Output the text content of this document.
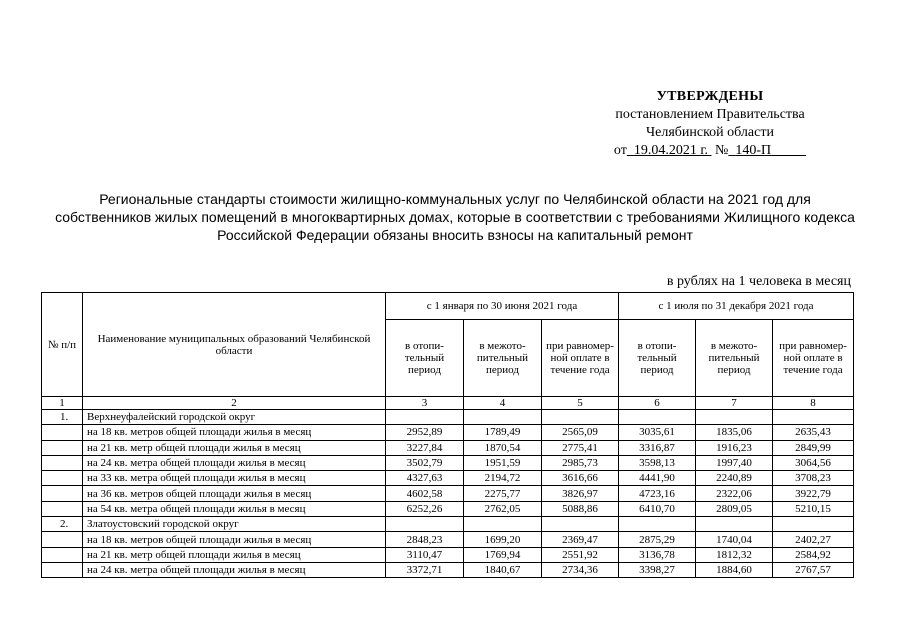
УТВЕРЖДЕНЫ
постановлением Правительства
Челябинской области
от 19.04.2021 г. № 140-П
Региональные стандарты стоимости жилищно-коммунальных услуг по Челябинской области на 2021 год для собственников жилых помещений в многоквартирных домах, которые в соответствии с требованиями Жилищного кодекса Российской Федерации обязаны вносить взносы на капитальный ремонт
в рублях на 1 человека в месяц
№ п/п	Наименование муниципальных образований Челябинской области	с 1 января по 30 июня 2021 года			с 1 июля по 31 декабря 2021 года		
		в отопи-тельный период	в межото-пительный период	при равномер-ной оплате в течение года	в отопи-тельный период	в межото-пительный период	при равномер-ной оплате в течение года
1	2	3	4	5	6	7	8
1.	Верхнеуфалейский городской округ						
	на 18 кв. метров общей площади жилья в месяц	2952,89	1789,49	2565,09	3035,61	1835,06	2635,43
	на 21 кв. метр общей площади жилья в месяц	3227,84	1870,54	2775,41	3316,87	1916,23	2849,99
	на 24 кв. метра общей площади жилья в месяц	3502,79	1951,59	2985,73	3598,13	1997,40	3064,56
	на 33 кв. метра общей площади жилья в месяц	4327,63	2194,72	3616,66	4441,90	2240,89	3708,23
	на 36 кв. метров общей площади жилья в месяц	4602,58	2275,77	3826,97	4723,16	2322,06	3922,79
	на 54 кв. метра общей площади жилья в месяц	6252,26	2762,05	5088,86	6410,70	2809,05	5210,15
2.	Златоустовский городской округ						
	на 18 кв. метров общей площади жилья в месяц	2848,23	1699,20	2369,47	2875,29	1740,04	2402,27
	на 21 кв. метр общей площади жилья в месяц	3110,47	1769,94	2551,92	3136,78	1812,32	2584,92
	на 24 кв. метра общей площади жилья в месяц	3372,71	1840,67	2734,36	3398,27	1884,60	2767,57
